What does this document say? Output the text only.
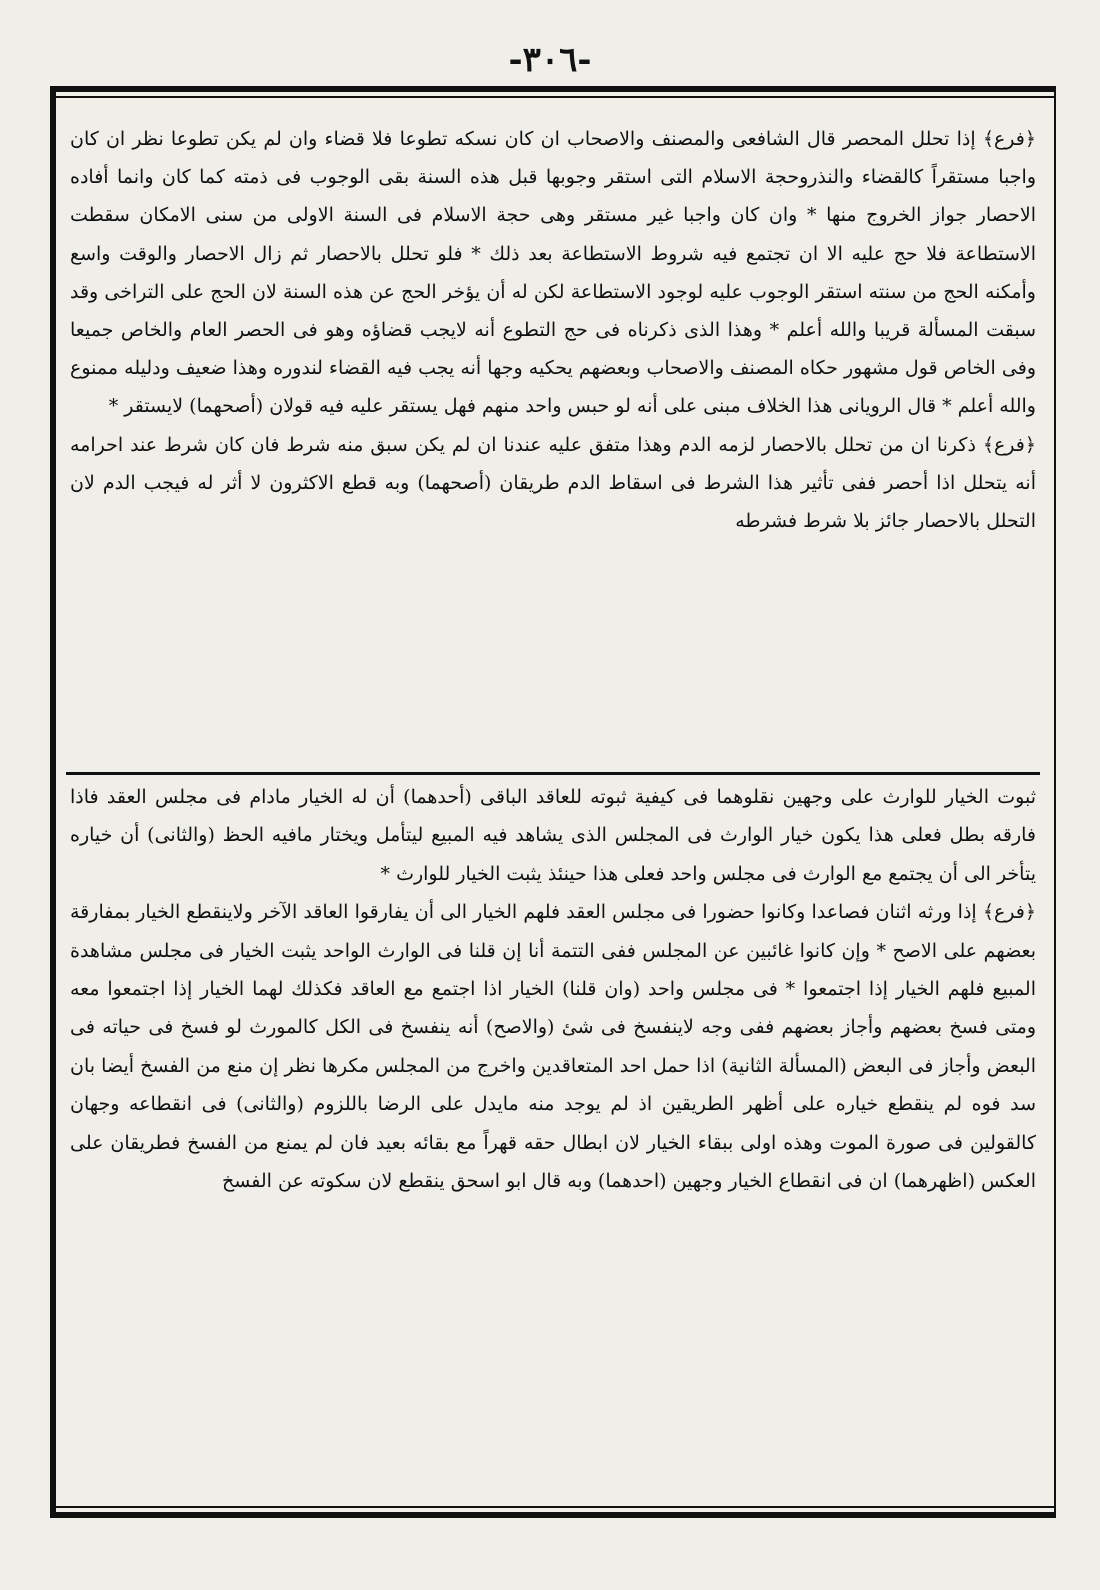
-٣٠٦-

﴿فرع﴾ إذا تحلل المحصر قال الشافعى والمصنف والاصحاب ان كان نسكه تطوعا فلا قضاء وان لم يكن تطوعا نظر ان كان واجبا مستقراً كالقضاء والنذروحجة الاسلام التى استقر وجوبها قبل هذه السنة بقى الوجوب فى ذمته كما كان وانما أفاده الاحصار جواز الخروج منها * وان كان واجبا غير مستقر وهى حجة الاسلام فى السنة الاولى من سنى الامكان سقطت الاستطاعة فلا حج عليه الا ان تجتمع فيه شروط الاستطاعة بعد ذلك * فلو تحلل بالاحصار ثم زال الاحصار والوقت واسع وأمكنه الحج من سنته استقر الوجوب عليه لوجود الاستطاعة لكن له أن يؤخر الحج عن هذه السنة لان الحج على التراخى وقد سبقت المسألة قريبا والله أعلم * وهذا الذى ذكرناه فى حج التطوع أنه لايجب قضاؤه وهو فى الحصر العام والخاص جميعا وفى الخاص قول مشهور حكاه المصنف والاصحاب وبعضهم يحكيه وجها أنه يجب فيه القضاء لندوره وهذا ضعيف ودليله ممنوع والله أعلم * قال الرويانى هذا الخلاف مبنى على أنه لو حبس واحد منهم فهل يستقر عليه فيه قولان (أصحهما) لايستقر *

﴿فرع﴾ ذكرنا ان من تحلل بالاحصار لزمه الدم وهذا متفق عليه عندنا ان لم يكن سبق منه شرط فان كان شرط عند احرامه أنه يتحلل اذا أحصر ففى تأثير هذا الشرط فى اسقاط الدم طريقان (أصحهما) وبه قطع الاكثرون لا أثر له فيجب الدم لان التحلل بالاحصار جائز بلا شرط فشرطه

ثبوت الخيار للوارث على وجهين نقلوهما فى كيفية ثبوته للعاقد الباقى (أحدهما) أن له الخيار مادام فى مجلس العقد فاذا فارقه بطل فعلى هذا يكون خيار الوارث فى المجلس الذى يشاهد فيه المبيع ليتأمل ويختار مافيه الحظ (والثانى) أن خياره يتأخر الى أن يجتمع مع الوارث فى مجلس واحد فعلى هذا حينئذ يثبت الخيار للوارث *

﴿فرع﴾ إذا ورثه اثنان فصاعدا وكانوا حضورا فى مجلس العقد فلهم الخيار الى أن يفارقوا العاقد الآخر ولاينقطع الخيار بمفارقة بعضهم على الاصح * وإن كانوا غائبين عن المجلس ففى التتمة أنا إن قلنا فى الوارث الواحد يثبت الخيار فى مجلس مشاهدة المبيع فلهم الخيار إذا اجتمعوا * فى مجلس واحد (وان قلنا) الخيار اذا اجتمع مع العاقد فكذلك لهما الخيار إذا اجتمعوا معه ومتى فسخ بعضهم وأجاز بعضهم ففى وجه لاينفسخ فى شئ (والاصح) أنه ينفسخ فى الكل كالمورث لو فسخ فى حياته فى البعض وأجاز فى البعض (المسألة الثانية) اذا حمل احد المتعاقدين واخرج من المجلس مكرها نظر إن منع من الفسخ أيضا بان سد فوه لم ينقطع خياره على أظهر الطريقين اذ لم يوجد منه مايدل على الرضا باللزوم (والثانى) فى انقطاعه وجهان كالقولين فى صورة الموت وهذه اولى ببقاء الخيار لان ابطال حقه قهراً مع بقائه بعيد فان لم يمنع من الفسخ فطريقان على العكس (اظهرهما) ان فى انقطاع الخيار وجهين (احدهما) وبه قال ابو اسحق ينقطع لان سكوته عن الفسخ
